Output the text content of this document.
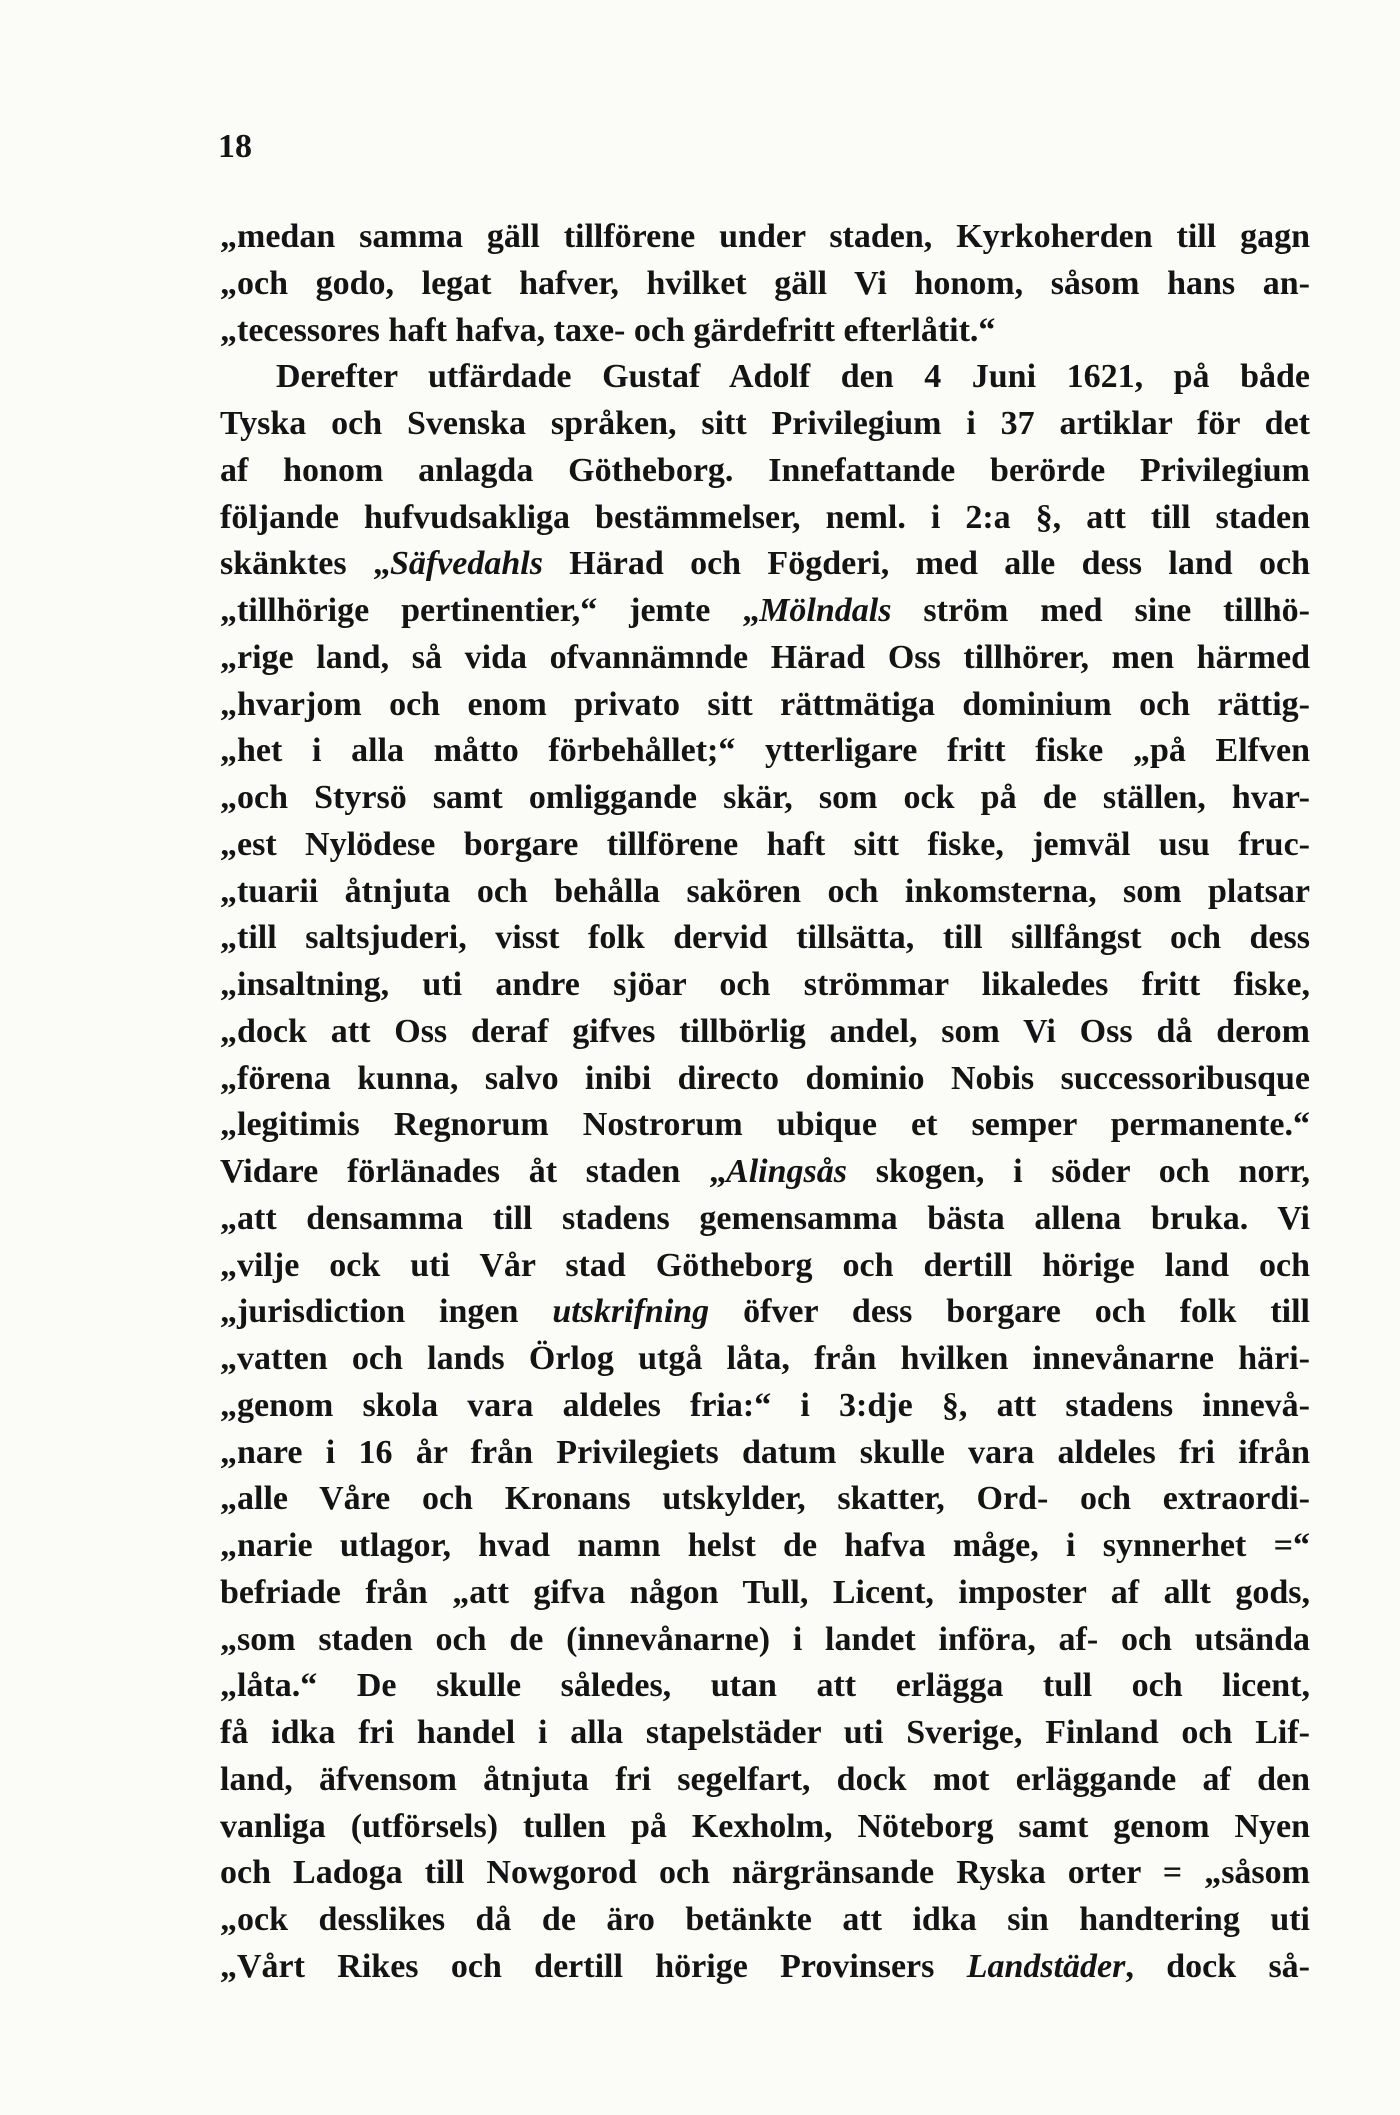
18
„medan samma gäll tillförene under staden, Kyrkoherden till gagn
„och godo, legat hafver, hvilket gäll Vi honom, såsom hans an-
„tecessores haft hafva, taxe- och gärdefritt efterlåtit.“
Derefter utfärdade Gustaf Adolf den 4 Juni 1621, på både
Tyska och Svenska språken, sitt Privilegium i 37 artiklar för det
af honom anlagda Götheborg. Innefattande berörde Privilegium
följande hufvudsakliga bestämmelser, neml. i 2:a §, att till staden
skänktes „Säfvedahls Härad och Fögderi, med alle dess land och
„tillhörige pertinentier,“ jemte „Mölndals ström med sine tillhö-
„rige land, så vida ofvannämnde Härad Oss tillhörer, men härmed
„hvarjom och enom privato sitt rättmätiga dominium och rättig-
„het i alla måtto förbehållet;“ ytterligare fritt fiske „på Elfven
„och Styrsö samt omliggande skär, som ock på de ställen, hvar-
„est Nylödese borgare tillförene haft sitt fiske, jemväl usu fruc-
„tuarii åtnjuta och behålla sakören och inkomsterna, som platsar
„till saltsjuderi, visst folk dervid tillsätta, till sillfångst och dess
„insaltning, uti andre sjöar och strömmar likaledes fritt fiske,
„dock att Oss deraf gifves tillbörlig andel, som Vi Oss då derom
„förena kunna, salvo inibi directo dominio Nobis successoribusque
„legitimis Regnorum Nostrorum ubique et semper permanente.“
Vidare förlänades åt staden „Alingsås skogen, i söder och norr,
„att densamma till stadens gemensamma bästa allena bruka. Vi
„vilje ock uti Vår stad Götheborg och dertill hörige land och
„jurisdiction ingen utskrifning öfver dess borgare och folk till
„vatten och lands Örlog utgå låta, från hvilken innevånarne häri-
„genom skola vara aldeles fria:“ i 3:dje §, att stadens innevå-
„nare i 16 år från Privilegiets datum skulle vara aldeles fri ifrån
„alle Våre och Kronans utskylder, skatter, Ord- och extraordi-
„narie utlagor, hvad namn helst de hafva måge, i synnerhet =“
befriade från „att gifva någon Tull, Licent, imposter af allt gods,
„som staden och de (innevånarne) i landet införa, af- och utsända
„låta.“ De skulle således, utan att erlägga tull och licent,
få idka fri handel i alla stapelstäder uti Sverige, Finland och Lif-
land, äfvensom åtnjuta fri segelfart, dock mot erläggande af den
vanliga (utförsels) tullen på Kexholm, Nöteborg samt genom Nyen
och Ladoga till Nowgorod och närgränsande Ryska orter = „såsom
„ock desslikes då de äro betänkte att idka sin handtering uti
„Vårt Rikes och dertill hörige Provinsers Landstäder, dock så-
